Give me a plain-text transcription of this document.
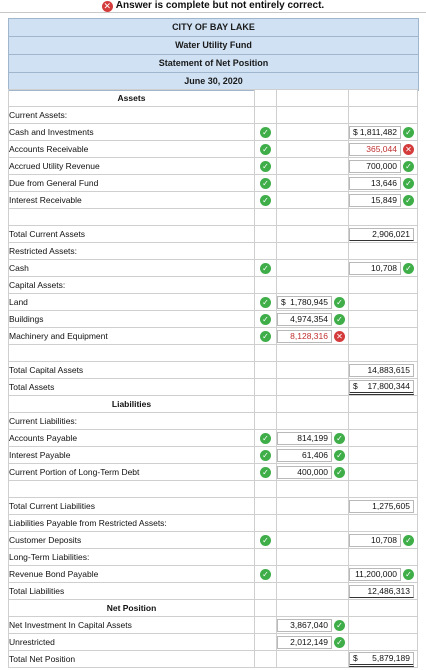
✕ Answer is complete but not entirely correct.
CITY OF BAY LAKE
Water Utility Fund
Statement of Net Position
June 30, 2020
Assets			
Current Assets:			
Cash and Investments	✓		$ 1,811,482 ✓

Accounts Receivable	✓		365,044 ✕

Accrued Utility Revenue	✓		700,000 ✓

Due from General Fund	✓		13,646 ✓

Interest Receivable	✓		15,849 ✓

Total Current Assets			2,906,021

Restricted Assets:			
Cash	✓		10,708 ✓

Capital Assets:			
Land	✓	$ 1,780,945 ✓	

Buildings	✓	4,974,354 ✓	

Machinery and Equipment	✓	8,128,316 ✕	

Total Capital Assets			14,883,615

Total Assets			$ 17,800,344

Liabilities			
Current Liabilities:			
Accounts Payable	✓	814,199 ✓	

Interest Payable	✓	61,406 ✓	

Current Portion of Long-Term Debt	✓	400,000 ✓	

Total Current Liabilities			1,275,605

Liabilities Payable from Restricted Assets:			
Customer Deposits	✓		10,708 ✓

Long-Term Liabilities:			
Revenue Bond Payable	✓		11,200,000 ✓

Total Liabilities			12,486,313

Net Position			
Net Investment In Capital Assets		3,867,040 ✓	

Unrestricted		2,012,149 ✓	

Total Net Position			$ 5,879,189
